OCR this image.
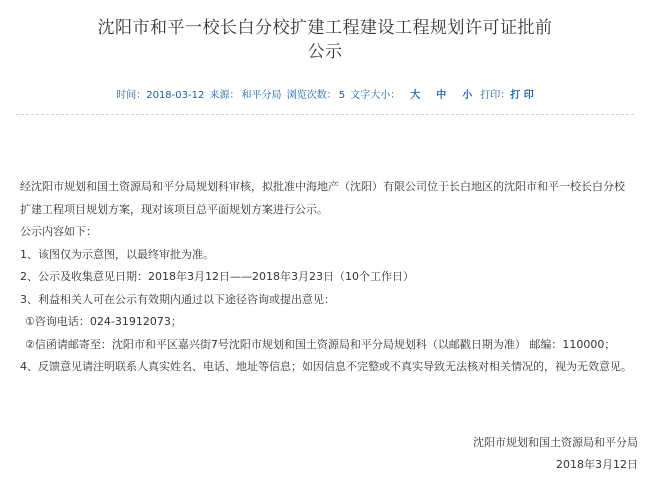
沈阳市和平一校长白分校扩建工程建设工程规划许可证批前
公示
时间：2018-03-12 来源： 和平分局 浏览次数： 5 文字大小： 大 中 小 打印：打 印

经沈阳市规划和国土资源局和平分局规划科审核，拟批准中海地产（沈阳）有限公司位于长白地区的沈阳市和平一校长白分校扩建工程项目规划方案，现对该项目总平面规划方案进行公示。

公示内容如下：

1、该图仅为示意图，以最终审批为准。

2、公示及收集意见日期：2018年3月12日——2018年3月23日（10个工作日）

3、利益相关人可在公示有效期内通过以下途径咨询或提出意见：

①咨询电话：024-31912073；

②信函请邮寄至：沈阳市和平区嘉兴街7号沈阳市规划和国土资源局和平分局规划科（以邮戳日期为准） 邮编：110000；

4、反馈意见请注明联系人真实姓名、电话、地址等信息；如因信息不完整或不真实导致无法核对相关情况的，视为无效意见。

沈阳市规划和国土资源局和平分局
2018年3月12日
